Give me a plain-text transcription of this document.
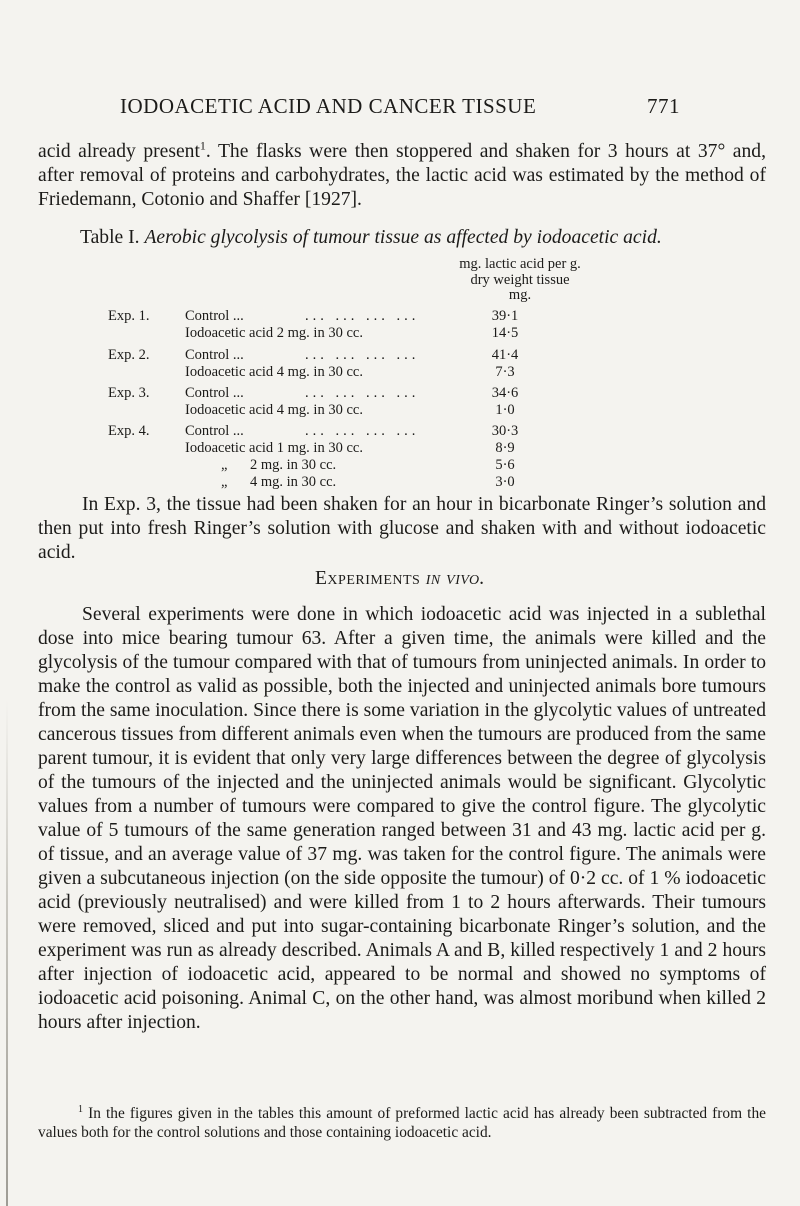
IODOACETIC ACID AND CANCER TISSUE	771

acid already present$^1$. The flasks were then stoppered and shaken for 3 hours at 37° and, after removal of proteins and carbohydrates, the lactic acid was estimated by the method of Friedemann, Cotonio and Shaffer [1927].

Table I. Aerobic glycolysis of tumour tissue as affected by iodoacetic acid.
mg. lactic acid per g.
dry weight tissue
mg.
Exp. 1. Control ...	... ... ... ...	39·1
Iodoacetic acid 2 mg. in 30 cc.	14·5
Exp. 2. Control ...	... ... ... ...	41·4
Iodoacetic acid 4 mg. in 30 cc.	7·3
Exp. 3. Control ...	... ... ... ...	34·6
Iodoacetic acid 4 mg. in 30 cc.	1·0
Exp. 4. Control ...	... ... ... ...	30·3
Iodoacetic acid 1 mg. in 30 cc.	8·9
„ 2 mg. in 30 cc.	5·6
„ 4 mg. in 30 cc.	3·0

In Exp. 3, the tissue had been shaken for an hour in bicarbonate Ringer’s solution and then put into fresh Ringer’s solution with glucose and shaken with and without iodoacetic acid.

Experiments in vivo.

Several experiments were done in which iodoacetic acid was injected in a sublethal dose into mice bearing tumour 63. After a given time, the animals were killed and the glycolysis of the tumour compared with that of tumours from uninjected animals. In order to make the control as valid as possible, both the injected and uninjected animals bore tumours from the same inoculation. Since there is some variation in the glycolytic values of untreated cancerous tissues from different animals even when the tumours are produced from the same parent tumour, it is evident that only very large differences between the degree of glycolysis of the tumours of the injected and the uninjected animals would be significant. Glycolytic values from a number of tumours were compared to give the control figure. The glycolytic value of 5 tumours of the same generation ranged between 31 and 43 mg. lactic acid per g. of tissue, and an average value of 37 mg. was taken for the control figure. The animals were given a subcutaneous injection (on the side opposite the tumour) of 0·2 cc. of 1 % iodoacetic acid (previously neutralised) and were killed from 1 to 2 hours afterwards. Their tumours were removed, sliced and put into sugar-containing bicarbonate Ringer’s solution, and the experiment was run as already described. Animals A and B, killed respectively 1 and 2 hours after injection of iodoacetic acid, appeared to be normal and showed no symptoms of iodoacetic acid poisoning. Animal C, on the other hand, was almost moribund when killed 2 hours after injection.

$^1$ In the figures given in the tables this amount of preformed lactic acid has already been subtracted from the values both for the control solutions and those containing iodoacetic acid.
